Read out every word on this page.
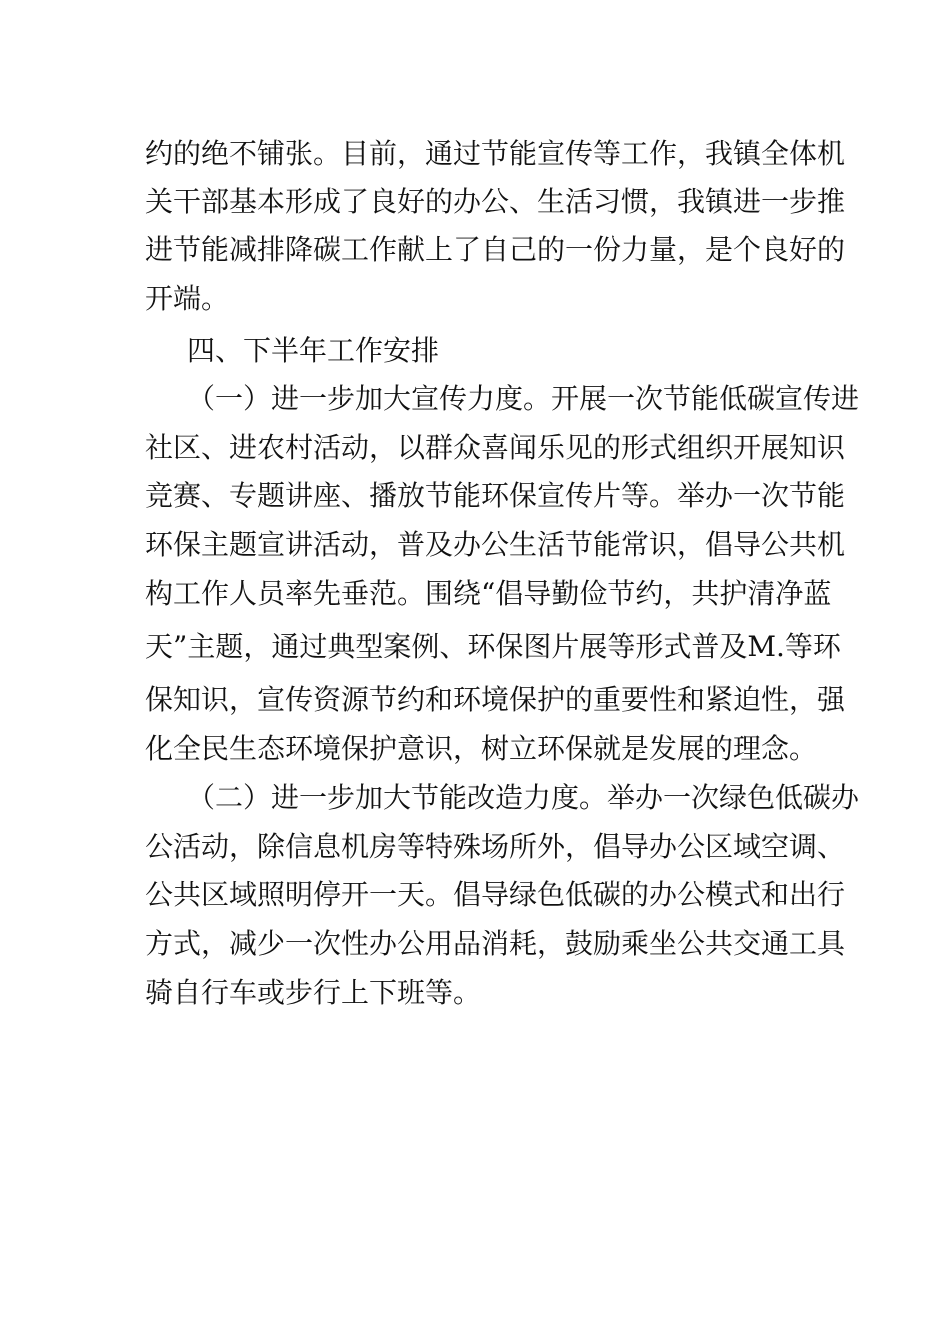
约的绝不铺张。目前，通过节能宣传等工作，我镇全体机
关干部基本形成了良好的办公、生活习惯，我镇进一步推
进节能减排降碳工作献上了自己的一份力量，是个良好的
开端。
四、下半年工作安排
（一）进一步加大宣传力度。开展一次节能低碳宣传进
社区、进农村活动，以群众喜闻乐见的形式组织开展知识
竞赛、专题讲座、播放节能环保宣传片等。举办一次节能
环保主题宣讲活动，普及办公生活节能常识，倡导公共机
构工作人员率先垂范。围绕“倡导勤俭节约，共护清净蓝
天”主题，通过典型案例、环保图片展等形式普及M.等环
保知识，宣传资源节约和环境保护的重要性和紧迫性，强
化全民生态环境保护意识，树立环保就是发展的理念。
（二）进一步加大节能改造力度。举办一次绿色低碳办
公活动，除信息机房等特殊场所外，倡导办公区域空调、
公共区域照明停开一天。倡导绿色低碳的办公模式和出行
方式，减少一次性办公用品消耗，鼓励乘坐公共交通工具
骑自行车或步行上下班等。
